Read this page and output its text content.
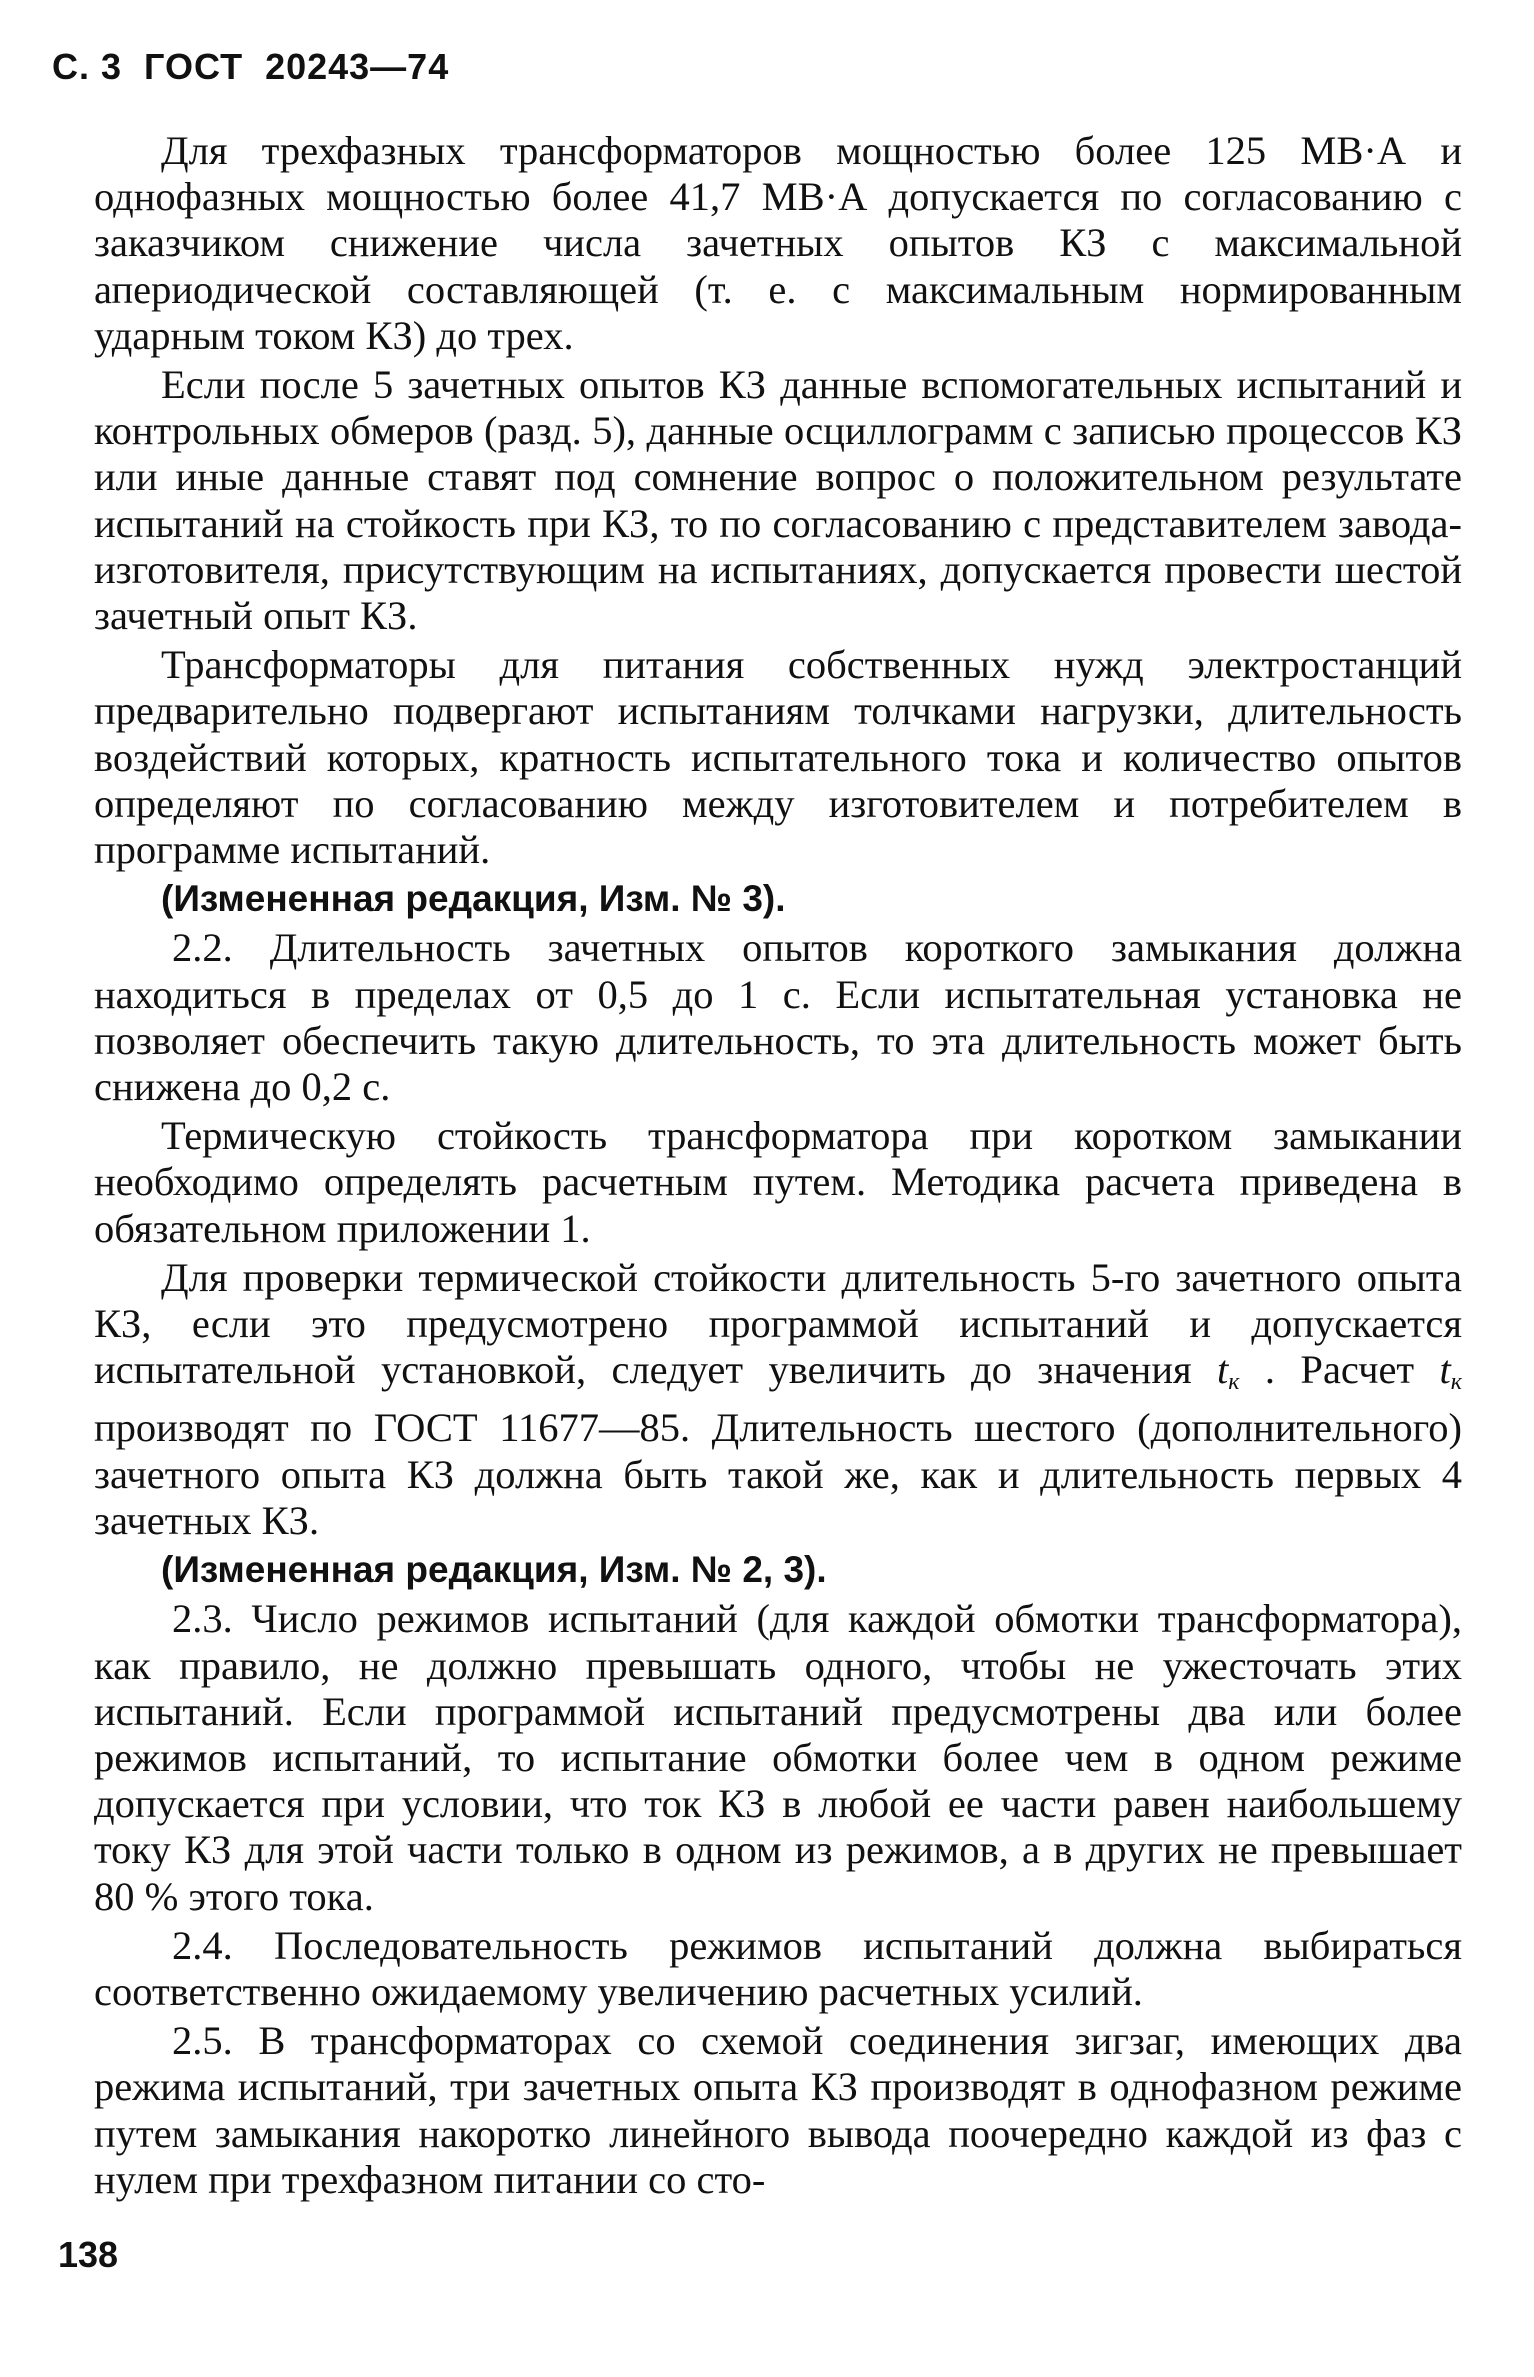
С. 3 ГОСТ 20243—74

Для трехфазных трансформаторов мощностью более 125 МВ·А и однофазных мощностью более 41,7 МВ·А допускается по согласованию с заказчиком снижение числа зачетных опытов КЗ с максимальной апериодической составляющей (т. е. с максимальным нормированным ударным током КЗ) до трех.

Если после 5 зачетных опытов КЗ данные вспомогательных испытаний и контрольных обмеров (разд. 5), данные осциллограмм с записью процессов КЗ или иные данные ставят под сомнение вопрос о положительном результате испытаний на стойкость при КЗ, то по согласованию с представителем завода-изготовителя, присутствующим на испытаниях, допускается провести шестой зачетный опыт КЗ.

Трансформаторы для питания собственных нужд электростанций предварительно подвергают испытаниям толчками нагрузки, длительность воздействий которых, кратность испытательного тока и количество опытов определяют по согласованию между изготовителем и потребителем в программе испытаний.

(Измененная редакция, Изм. № 3).

2.2. Длительность зачетных опытов короткого замыкания должна находиться в пределах от 0,5 до 1 с. Если испытательная установка не позволяет обеспечить такую длительность, то эта длительность может быть снижена до 0,2 с.

Термическую стойкость трансформатора при коротком замыкании необходимо определять расчетным путем. Методика расчета приведена в обязательном приложении 1.

Для проверки термической стойкости длительность 5-го зачетного опыта КЗ, если это предусмотрено программой испытаний и допускается испытательной установкой, следует увеличить до значения $t_к$ . Расчет $t_к$ производят по ГОСТ 11677—85. Длительность шестого (дополнительного) зачетного опыта КЗ должна быть такой же, как и длительность первых 4 зачетных КЗ.

(Измененная редакция, Изм. № 2, 3).

2.3. Число режимов испытаний (для каждой обмотки трансформатора), как правило, не должно превышать одного, чтобы не ужесточать этих испытаний. Если программой испытаний предусмотрены два или более режимов испытаний, то испытание обмотки более чем в одном режиме допускается при условии, что ток КЗ в любой ее части равен наибольшему току КЗ для этой части только в одном из режимов, а в других не превышает 80 % этого тока.

2.4. Последовательность режимов испытаний должна выбираться соответственно ожидаемому увеличению расчетных усилий.

2.5. В трансформаторах со схемой соединения зигзаг, имеющих два режима испытаний, три зачетных опыта КЗ производят в однофазном режиме путем замыкания накоротко линейного вывода поочередно каждой из фаз с нулем при трехфазном питании со сто-

138
